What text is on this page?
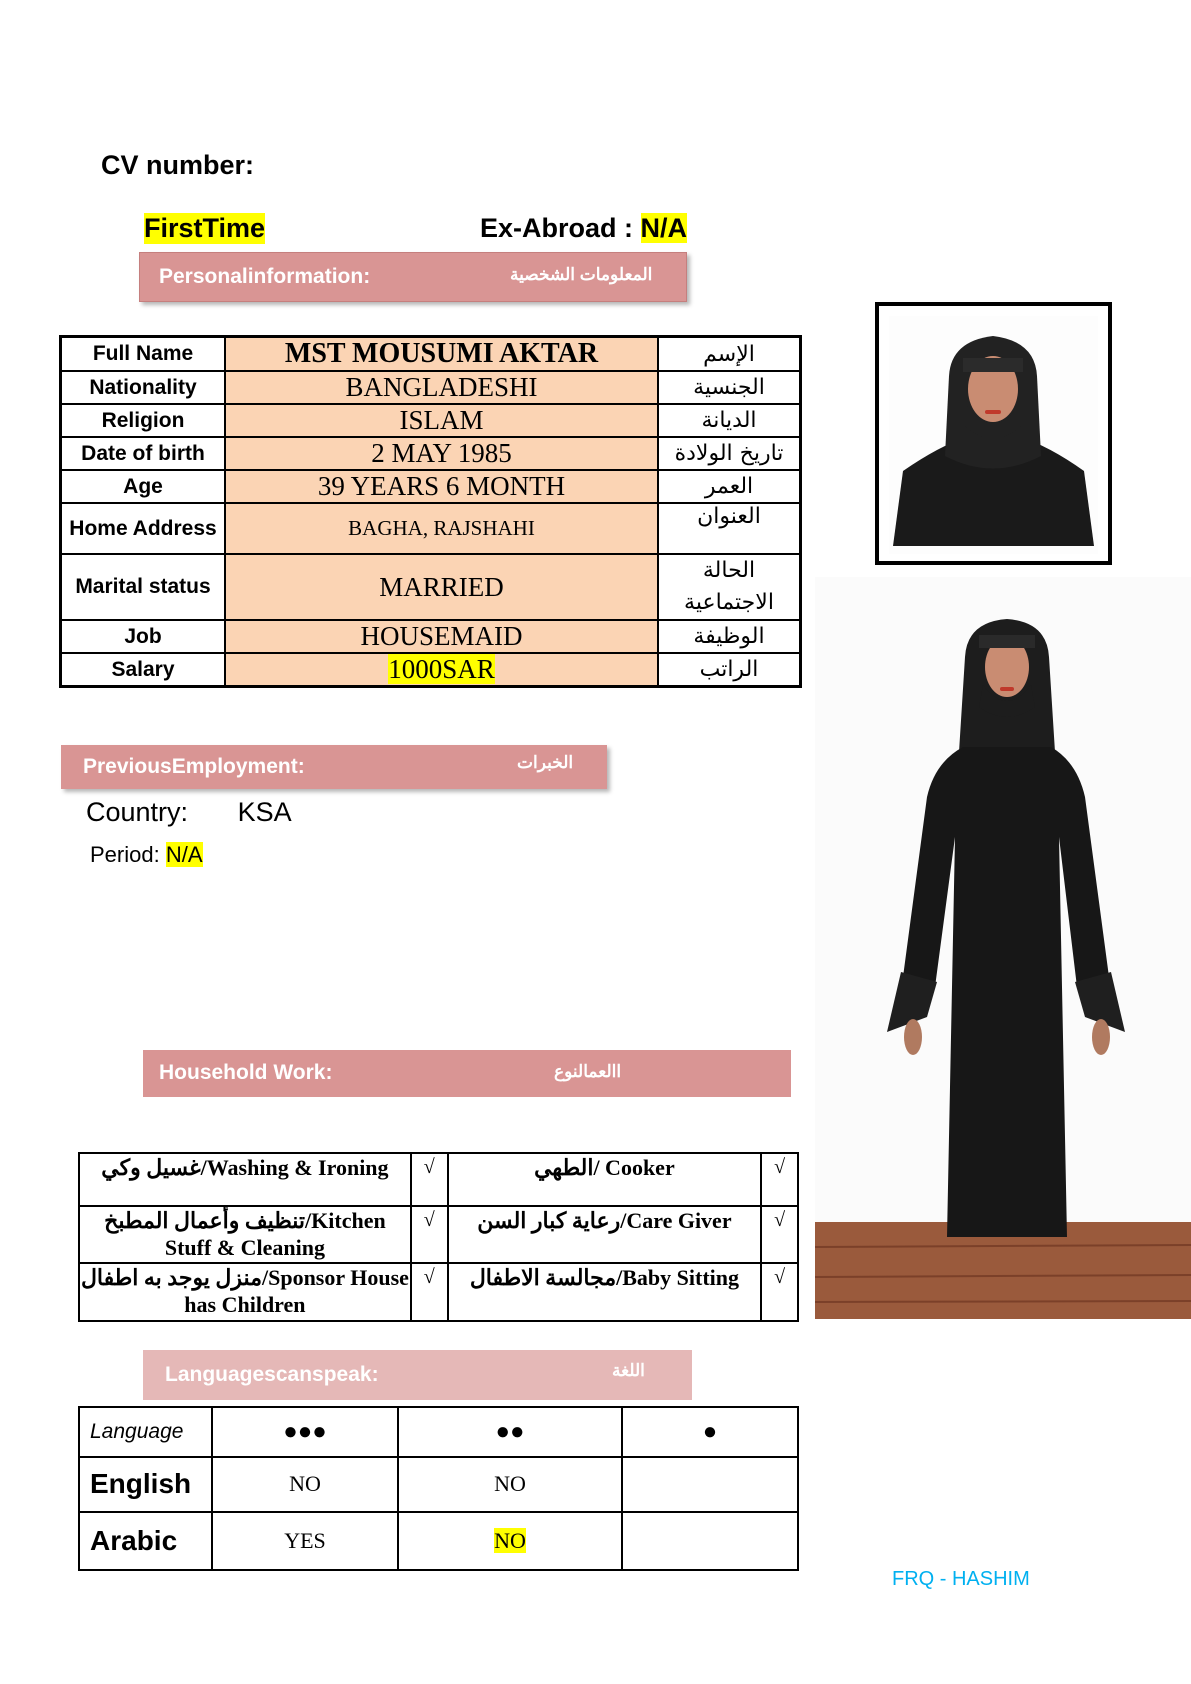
CV number:
FirstTime	Ex-Abroad : N/A
Personalinformation:	المعلومات الشخصية
Full Name	MST MOUSUMI AKTAR	الإسم
Nationality	BANGLADESHI	الجنسية
Religion	ISLAM	الديانة
Date of birth	2 MAY 1985	تاريخ الولادة
Age	39 YEARS 6 MONTH	العمر
Home Address	BAGHA, RAJSHAHI	العنوان
Marital status	MARRIED	الحالة الاجتماعية
Job	HOUSEMAID	الوظيفة
Salary	1000SAR	الراتب
PreviousEmployment:	الخبرات
Country: KSA
Period: N/A
Household Work:	االعمالنوع
غسيل وكي/Washing & Ironing	√	الطهي/ Cooker	√
تنظيف وأعمال المطبخ/Kitchen Stuff & Cleaning	√	رعاية كبار السن/Care Giver	√
منزل يوجد به اطفال/Sponsor House has Children	√	مجالسة الاطفال/Baby Sitting	√
Languagescanspeak:	اللغة
Language	●●●	●●	●
English	NO	NO	
Arabic	YES	NO	
FRQ - HASHIM
